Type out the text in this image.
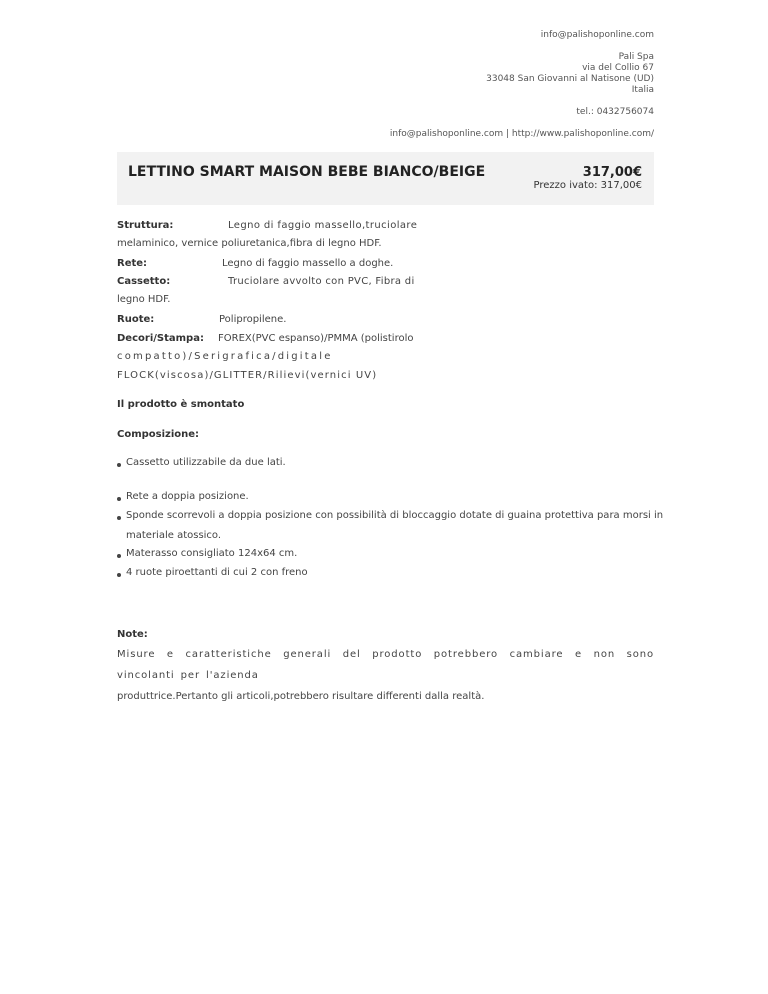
info@palishoponline.com
Pali Spa
via del Collio 67
33048 San Giovanni al Natisone (UD)
Italia
tel.: 0432756074
info@palishoponline.com | http://www.palishoponline.com/
LETTINO SMART MAISON BEBE BIANCO/BEIGE	317,00€
Prezzo ivato: 317,00€
Struttura:	Legno di faggio massello,truciolare
melaminico, vernice poliuretanica,fibra di legno HDF.
Rete:	Legno di faggio massello a doghe.
Cassetto:	Truciolare avvolto con PVC, Fibra di
legno HDF.
Ruote:	Polipropilene.
Decori/Stampa: FOREX(PVC espanso)/PMMA (polistirolo
compatto)/Serigrafica/digitale
FLOCK(viscosa)/GLITTER/Rilievi(vernici UV)
Il prodotto è smontato
Composizione:
Cassetto utilizzabile da due lati.
Rete a doppia posizione.
Sponde scorrevoli a doppia posizione con possibilità di bloccaggio dotate di guaina protettiva para morsi in
materiale atossico.
Materasso consigliato 124x64 cm.
4 ruote piroettanti di cui 2 con freno
Note:
Misure e caratteristiche generali del prodotto potrebbero cambiare e non sono vincolanti per l'azienda
produttrice.Pertanto gli articoli,potrebbero risultare differenti dalla realtà.
